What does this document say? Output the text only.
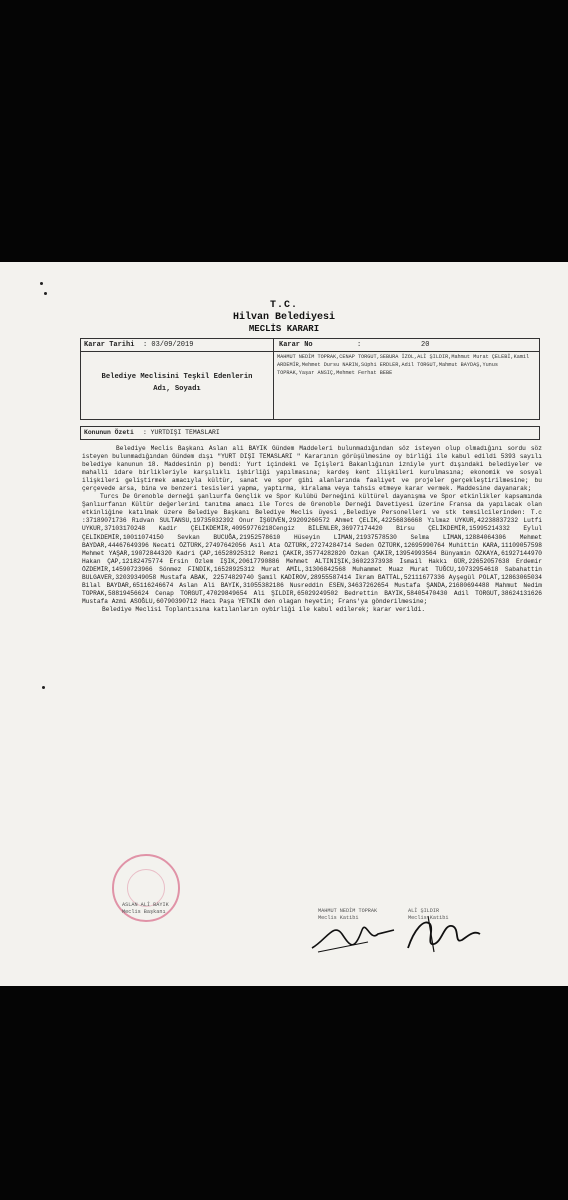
T.C.
Hilvan Belediyesi
MECLİS KARARI
Karar Tarihi : 03/09/2019	Karar No	:	20
Belediye Meclisini Teşkil Edenlerin
Adı, Soyadı
MAHMUT NEDİM TOPRAK,CENAP TORGUT,SEBURA İZOL,ALİ ŞILDIR,Mahmut Murat ÇELEBİ,Kamil ARDEMİR,Mehmet Dursu NARIN,Süphi ERDLER,Adil TORGUT,Mahmut BAYDAŞ,Yunus TOPRAK,Yaşar ANSIÇ,Mehmet Ferhat BEBE
Konunun Özeti : YURTDIŞI TEMASLARI

Belediye Meclis Başkanı Aslan ali BAYIK Gündem Maddeleri bulunmadığından söz isteyen olup olmadığını sordu söz isteyen bulunmadığından Gündem dışı "YURT DIŞI TEMASLARI " Kararının görüşülmesine oy birliği ile kabul edildi 5393 sayılı belediye kanunun 18. Maddesinin p) bendi: Yurt içindeki ve İçişleri Bakanlığının izniyle yurt dışındaki belediyeler ve mahalli idare birlikleriyle karşılıklı işbirliği yapılmasına; kardeş kent ilişkileri kurulmasına; ekonomik ve sosyal ilişkileri geliştirmek amacıyla kültür, sanat ve spor gibi alanlarında faaliyet ve projeler gerçekleştirilmesine; bu çerçevede arsa, bina ve benzeri tesisleri yapma, yaptırma, kiralama veya tahsis etmeye karar vermek. Maddesine dayanarak;

Turcs De Grenoble derneği şanlıurfa Gençlik ve Spor Kulübü Derneğini kültürel dayanışma ve Spor etkinlikler kapsamında Şanlıurfanın Kültür değerlerini tanıtma amacı ile Torcs de Grenoble Derneği Davetiyesi üzerine Fransa da yapılacak olan etkinliğine katılmak üzere Belediye Başkanı Belediye Meclis üyesi ,Belediye Personelleri ve stk temsilcilerinden: T.c :37189071736 Rıdvan SULTANSU,19735032392 Onur İŞGÜVEN,29209260572 Ahmet ÇELİK,42256836668 Yılmaz UYKUR,42238837232 Lutfi UYKUR,37103170248 Kadir ÇELİKDEMİR,40959776218Cengiz BİLENLER,36977174420 Birsu ÇELİKDEMİR,15995214332 Eylul ÇELİKDEMİR,10011074150 Sevkan BUCUĞA,21952578610 Hüseyin LİMAN,21937578530 Selma LİMAN,12884064306 Mehmet BAYDAR,44467649396 Necati ÖZTÜRK,27497642056 Asil Ata ÖZTÜRK,27274284714 Seden ÖZTÜRK,12695990764 Muhittin KARA,11109057598 Mehmet YAŞAR,19072844320 Kadri ÇAP,16528925312 Remzi ÇAKIR,35774282820 Özkan ÇAKIR,13954993564 Bünyamin ÖZKAYA,61927144970 Hakan ÇAP,12182475774 Ersin Özlem IŞIK,20617790886 Mehmet ALTINIŞIK,36022373938 İsmail Hakkı GÜR,22652057638 Erdemir ÖZDEMİR,14590723966 Sönmez FINDIK,16528925312 Murat AMİL,31306842568 Muhammet Muaz Murat TUĞCU,10732954618 Sabahattin BULGAVER,32039349058 Mustafa ABAK, 22574829740 Şamil KADİROV,28955587414 İkram BATTAL,52111677336 Ayşegül POLAT,12863065034 Bilal BAYDAR,65116246674 Aslan Ali BAYIK,31055382186 Nusreddin ESEN,34637262654 Mustafa ŞANDA,21680694488 Mahmut Nedim TOPRAK,58819456624 Cenap TORGUT,47029849654 Ali ŞILDIR,65029249502 Bedrettin BAYIK,58405470430 Adil TORGUT,38624131626 Mustafa Azmi ASOĞLU,60790390712 Hacı Paşa YETKİN den olagan heyetin; Frans'ya gönderilmesine;

Belediye Meclisi Toplantısına katılanların oybirliği ile kabul edilerek; karar verildi.

ASLAN ALİ BAYIK
Meclis Başkanı	MAHMUT NEDİM TOPRAK
Meclis Katibi
ALİ ŞILDIR
Meclis Katibi
